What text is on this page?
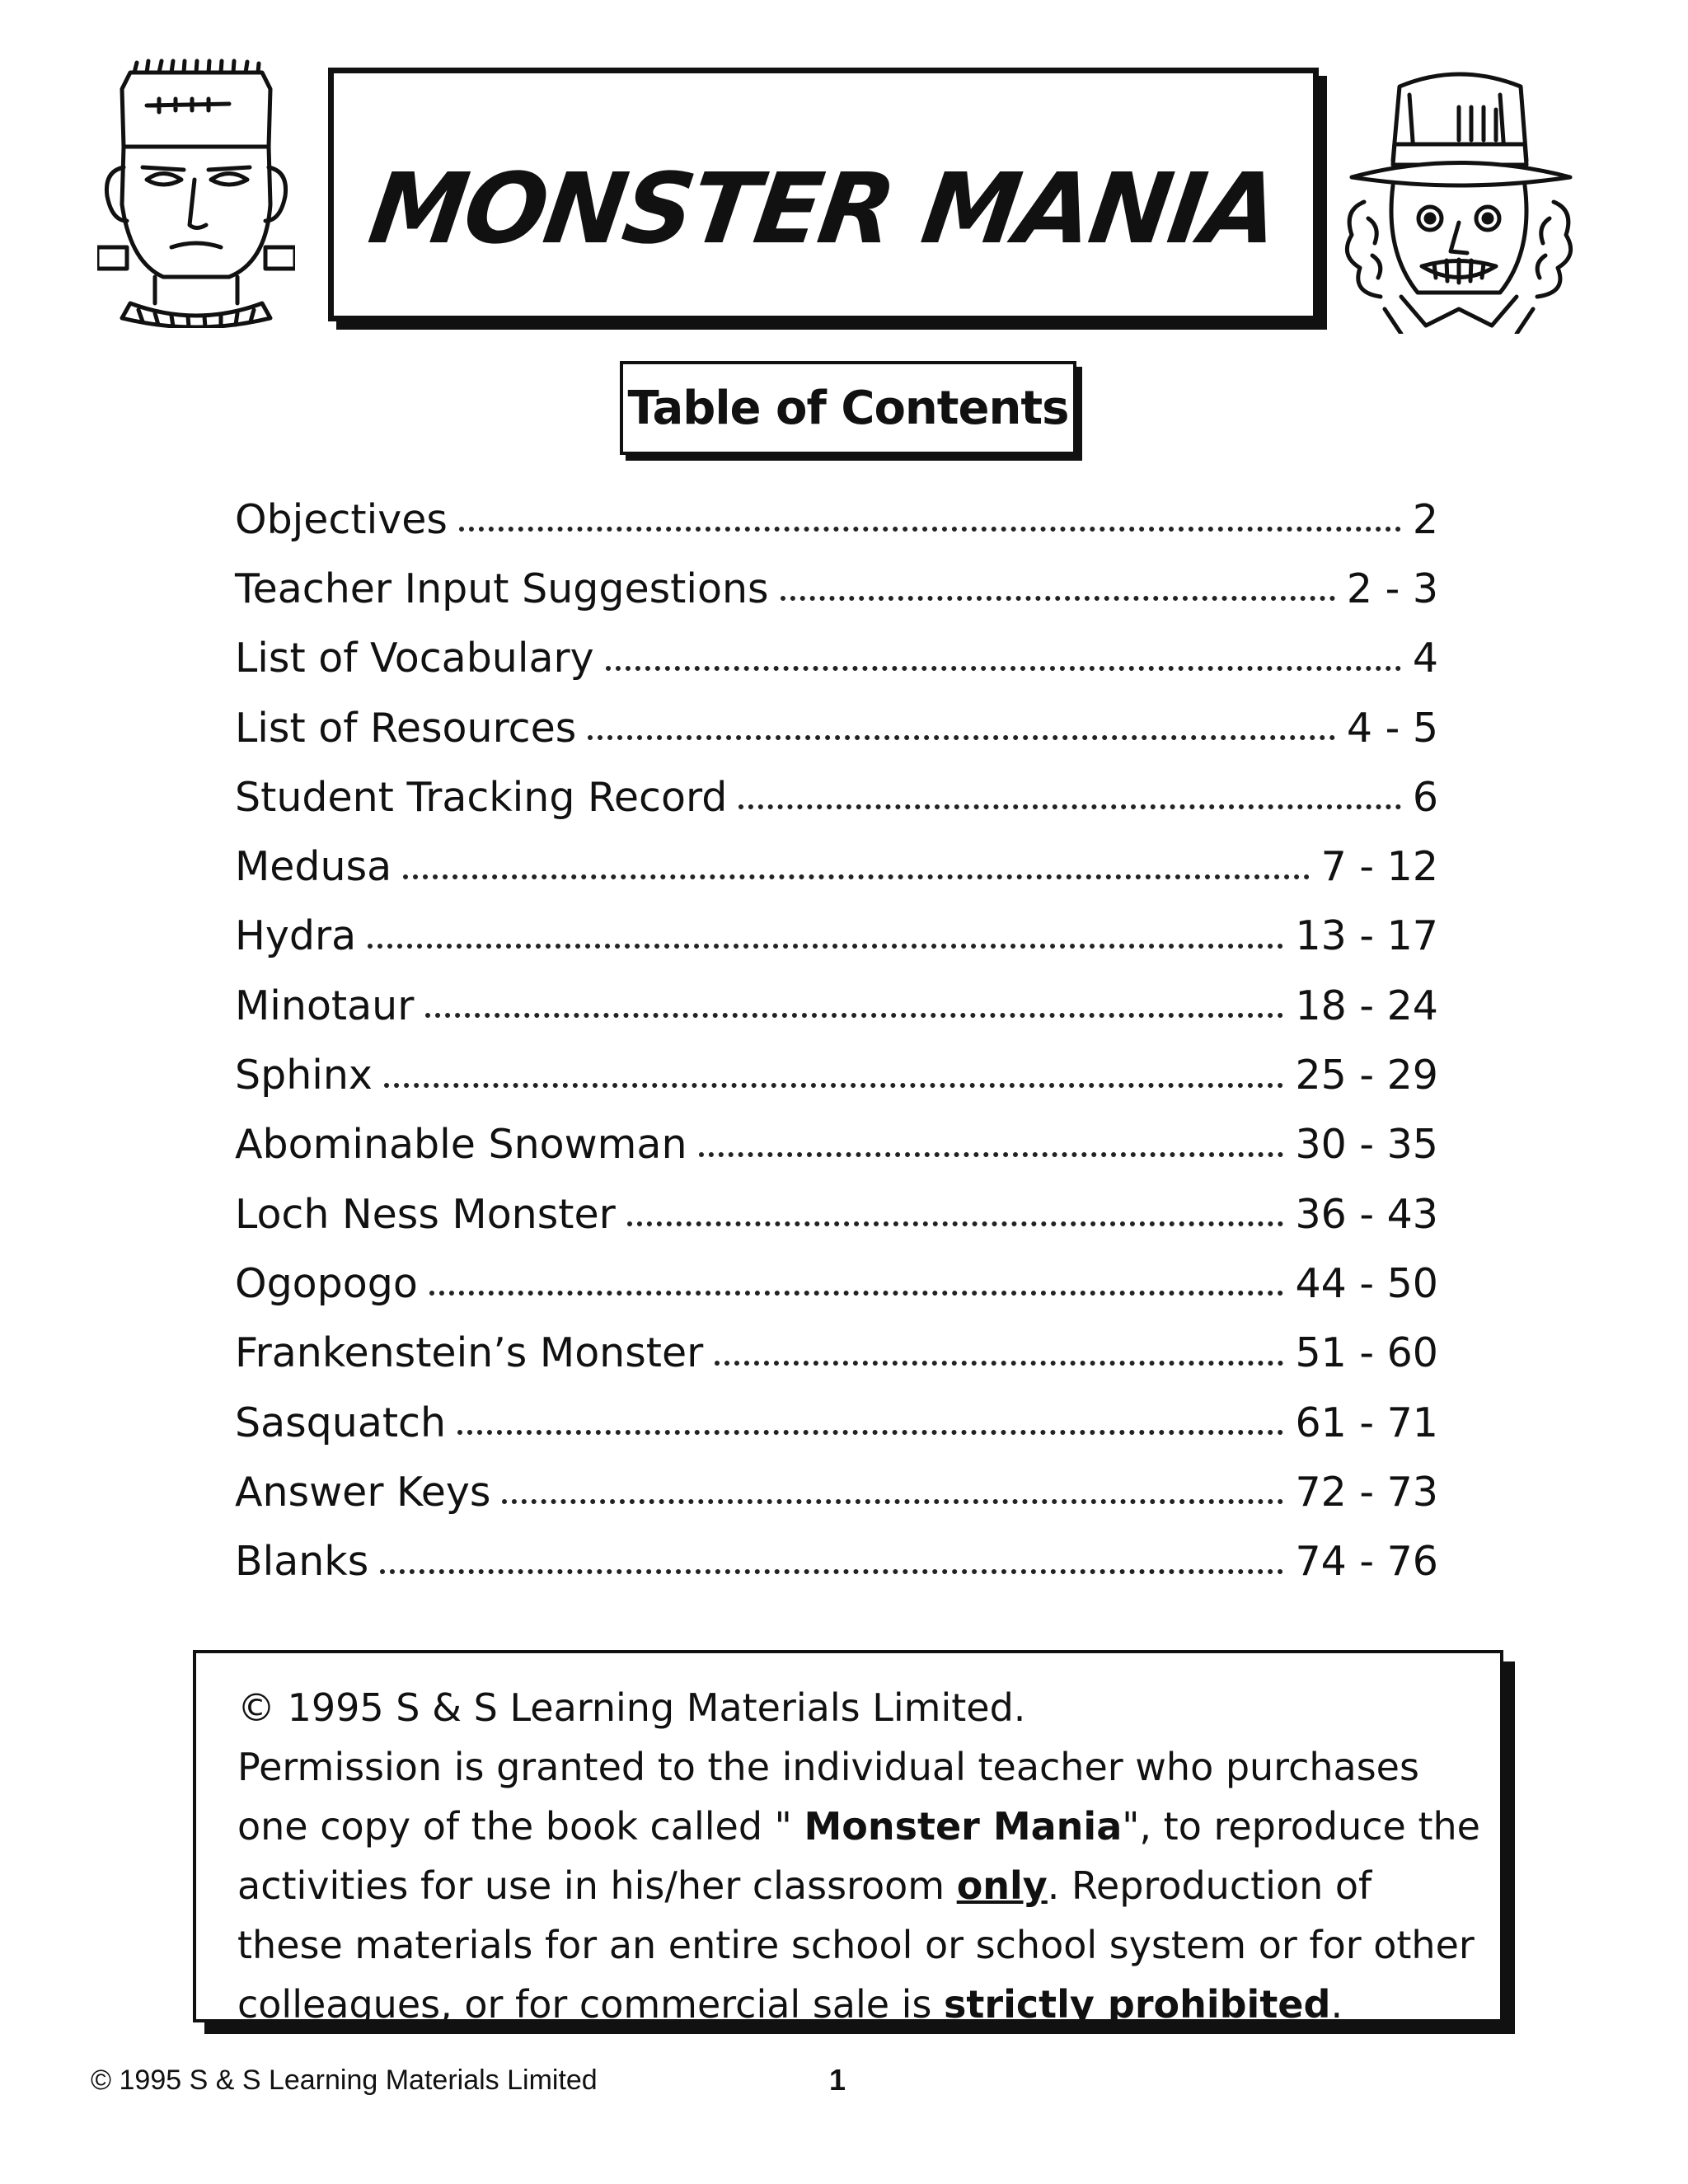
MONSTER MANIA
Table of Contents
Objectives	2
Teacher Input Suggestions	2 - 3
List of Vocabulary	4
List of Resources	4 - 5
Student Tracking Record	6
Medusa	7 - 12
Hydra	13 - 17
Minotaur	18 - 24
Sphinx	25 - 29
Abominable Snowman	30 - 35
Loch Ness Monster	36 - 43
Ogopogo	44 - 50
Frankenstein’s Monster	51 - 60
Sasquatch	61 - 71
Answer Keys	72 - 73
Blanks	74 - 76
© 1995 S & S Learning Materials Limited.
Permission is granted to the individual teacher who purchases
one copy of the book called " Monster Mania", to reproduce the
activities for use in his/her classroom only. Reproduction of
these materials for an entire school or school system or for other
colleagues, or for commercial sale is strictly prohibited.
© 1995 S & S Learning Materials Limited	1
